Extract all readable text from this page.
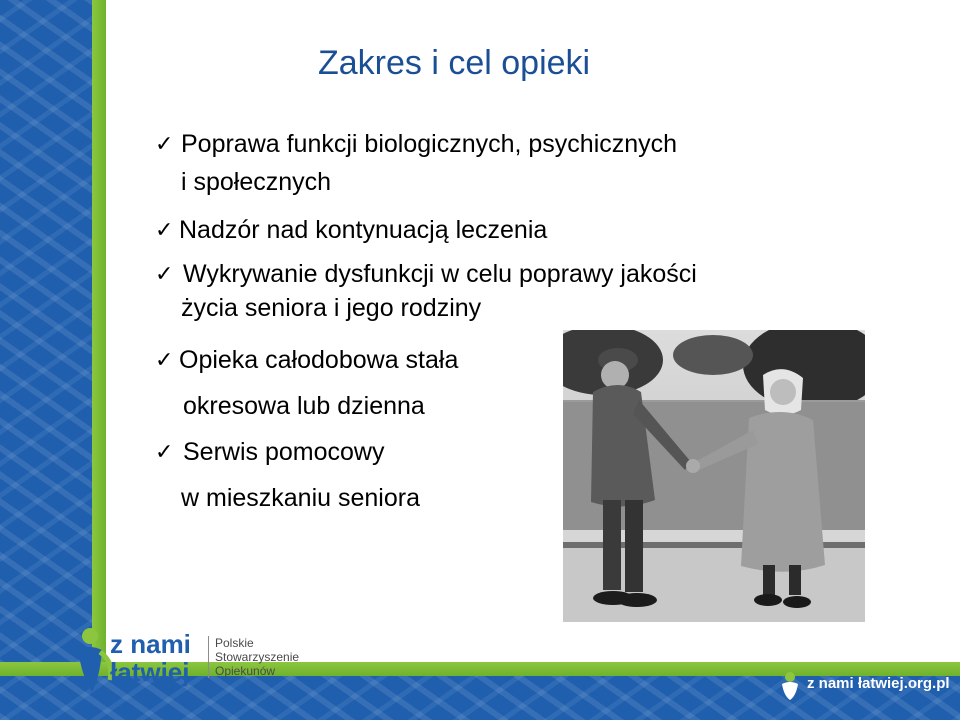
Zakres i cel opieki
✓ Poprawa funkcji biologicznych, psychicznych
i społecznych
✓ Nadzór nad kontynuacją leczenia
✓ Wykrywanie dysfunkcji w celu poprawy jakości
życia seniora i jego rodziny
✓ Opieka całodobowa stała
okresowa lub dzienna
✓ Serwis pomocowy
w mieszkaniu seniora
z nami
łatwiej
Polskie
Stowarzyszenie
Opiekunów
z nami łatwiej.org.pl
